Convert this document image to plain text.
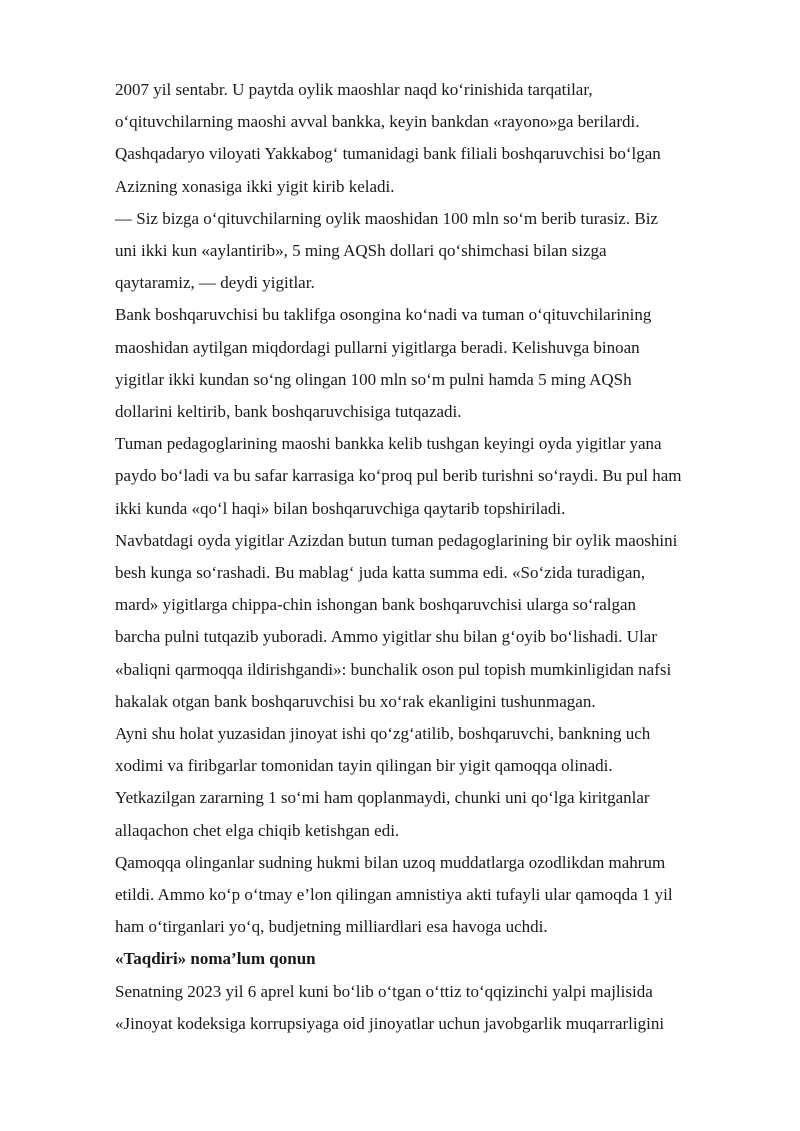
2007 yil sentabr. U paytda oylik maoshlar naqd ko‘rinishida tarqatilar,
o‘qituvchilarning maoshi avval bankka, keyin bankdan «rayono»ga berilardi.
Qashqadaryo viloyati Yakkabog‘ tumanidagi bank filiali boshqaruvchisi bo‘lgan
Azizning xonasiga ikki yigit kirib keladi.

— Siz bizga o‘qituvchilarning oylik maoshidan 100 mln so‘m berib turasiz. Biz
uni ikki kun «aylantirib», 5 ming AQSh dollari qo‘shimchasi bilan sizga
qaytaramiz, — deydi yigitlar.

Bank boshqaruvchisi bu taklifga osongina ko‘nadi va tuman o‘qituvchilarining
maoshidan aytilgan miqdordagi pullarni yigitlarga beradi. Kelishuvga binoan
yigitlar ikki kundan so‘ng olingan 100 mln so‘m pulni hamda 5 ming AQSh
dollarini keltirib, bank boshqaruvchisiga tutqazadi.

Tuman pedagoglarining maoshi bankka kelib tushgan keyingi oyda yigitlar yana
paydo bo‘ladi va bu safar karrasiga ko‘proq pul berib turishni so‘raydi. Bu pul ham
ikki kunda «qo‘l haqi» bilan boshqaruvchiga qaytarib topshiriladi.

Navbatdagi oyda yigitlar Azizdan butun tuman pedagoglarining bir oylik maoshini
besh kunga so‘rashadi. Bu mablag‘ juda katta summa edi. «So‘zida turadigan,
mard» yigitlarga chippa-chin ishongan bank boshqaruvchisi ularga so‘ralgan
barcha pulni tutqazib yuboradi. Ammo yigitlar shu bilan g‘oyib bo‘lishadi. Ular
«baliqni qarmoqqa ildirishgandi»: bunchalik oson pul topish mumkinligidan nafsi
hakalak otgan bank boshqaruvchisi bu xo‘rak ekanligini tushunmagan.

Ayni shu holat yuzasidan jinoyat ishi qo‘zg‘atilib, boshqaruvchi, bankning uch
xodimi va firibgarlar tomonidan tayin qilingan bir yigit qamoqqa olinadi.
Yetkazilgan zararning 1 so‘mi ham qoplanmaydi, chunki uni qo‘lga kiritganlar
allaqachon chet elga chiqib ketishgan edi.

Qamoqqa olinganlar sudning hukmi bilan uzoq muddatlarga ozodlikdan mahrum
etildi. Ammo ko‘p o‘tmay e’lon qilingan amnistiya akti tufayli ular qamoqda 1 yil
ham o‘tirganlari yo‘q, budjetning milliardlari esa havoga uchdi.

«Taqdiri» noma’lum qonun

Senatning 2023 yil 6 aprel kuni bo‘lib o‘tgan o‘ttiz to‘qqizinchi yalpi majlisida
«Jinoyat kodeksiga korrupsiyaga oid jinoyatlar uchun javobgarlik muqarrarligini
